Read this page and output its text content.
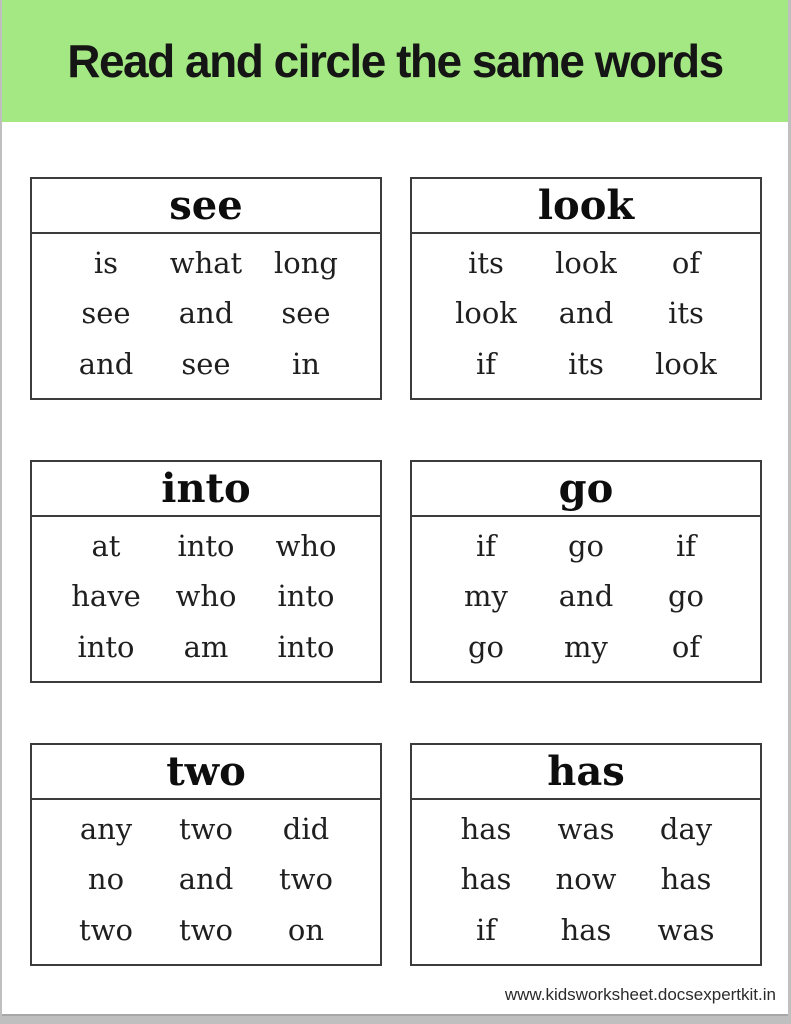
Read and circle the same words
see
is what long
see and see
and see in
look
its look of
look and its
if its look
into
at into who
have who into
into am into
go
if go if
my and go
go my of
two
any two did
no and two
two two on
has
has was day
has now has
if has was
www.kidsworksheet.docsexpertkit.in
